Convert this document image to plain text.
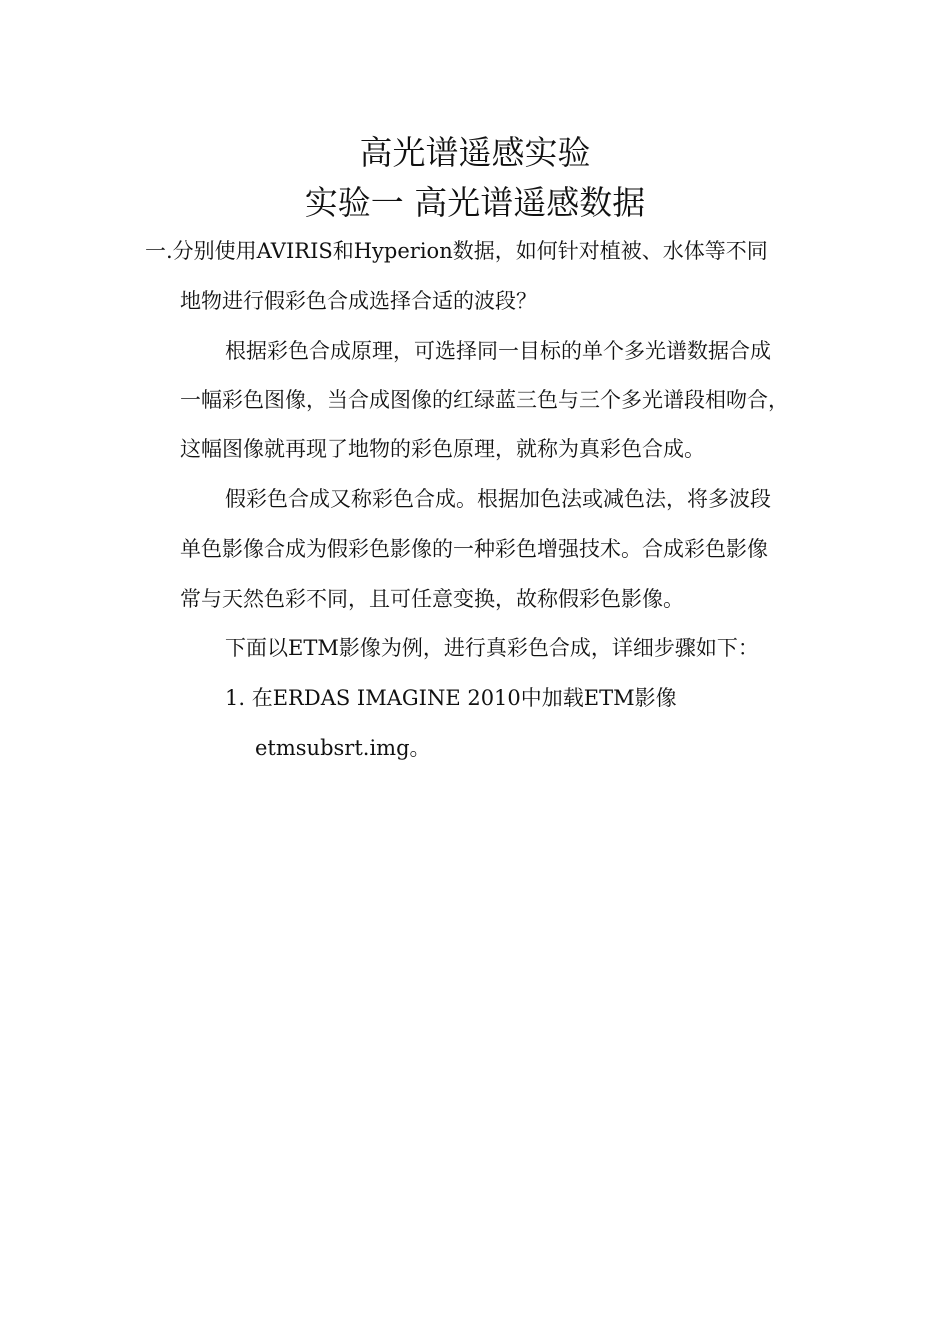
高光谱遥感实验
实验一 高光谱遥感数据
一.分别使用AVIRIS和Hyperion数据，如何针对植被、水体等不同
地物进行假彩色合成选择合适的波段？
根据彩色合成原理，可选择同一目标的单个多光谱数据合成
一幅彩色图像，当合成图像的红绿蓝三色与三个多光谱段相吻合，
这幅图像就再现了地物的彩色原理，就称为真彩色合成。
假彩色合成又称彩色合成。根据加色法或减色法，将多波段
单色影像合成为假彩色影像的一种彩色增强技术。合成彩色影像
常与天然色彩不同，且可任意变换，故称假彩色影像。
下面以ETM影像为例，进行真彩色合成，详细步骤如下：
1. 在ERDAS IMAGINE 2010中加载ETM影像
etmsubsrt.img。
